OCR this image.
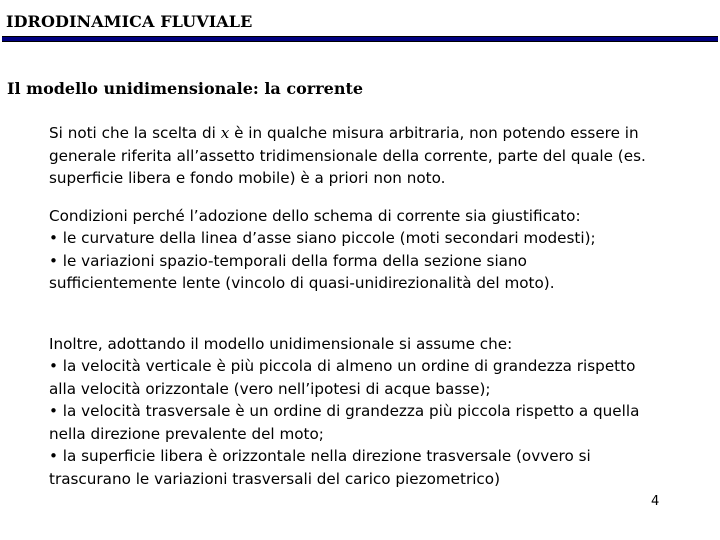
IDRODINAMICA FLUVIALE
Il modello unidimensionale: la corrente

Si noti che la scelta di x è in qualche misura arbitraria, non potendo essere in
generale riferita all’assetto tridimensionale della corrente, parte del quale (es.
superficie libera e fondo mobile) è a priori non noto.

Condizioni perché l’adozione dello schema di corrente sia giustificato:
• le curvature della linea d’asse siano piccole (moti secondari modesti);
• le variazioni spazio-temporali della forma della sezione siano
sufficientemente lente (vincolo di quasi-unidirezionalità del moto).

Inoltre, adottando il modello unidimensionale si assume che:
• la velocità verticale è più piccola di almeno un ordine di grandezza rispetto
alla velocità orizzontale (vero nell’ipotesi di acque basse);
• la velocità trasversale è un ordine di grandezza più piccola rispetto a quella
nella direzione prevalente del moto;
• la superficie libera è orizzontale nella direzione trasversale (ovvero si
trascurano le variazioni trasversali del carico piezometrico)

4
